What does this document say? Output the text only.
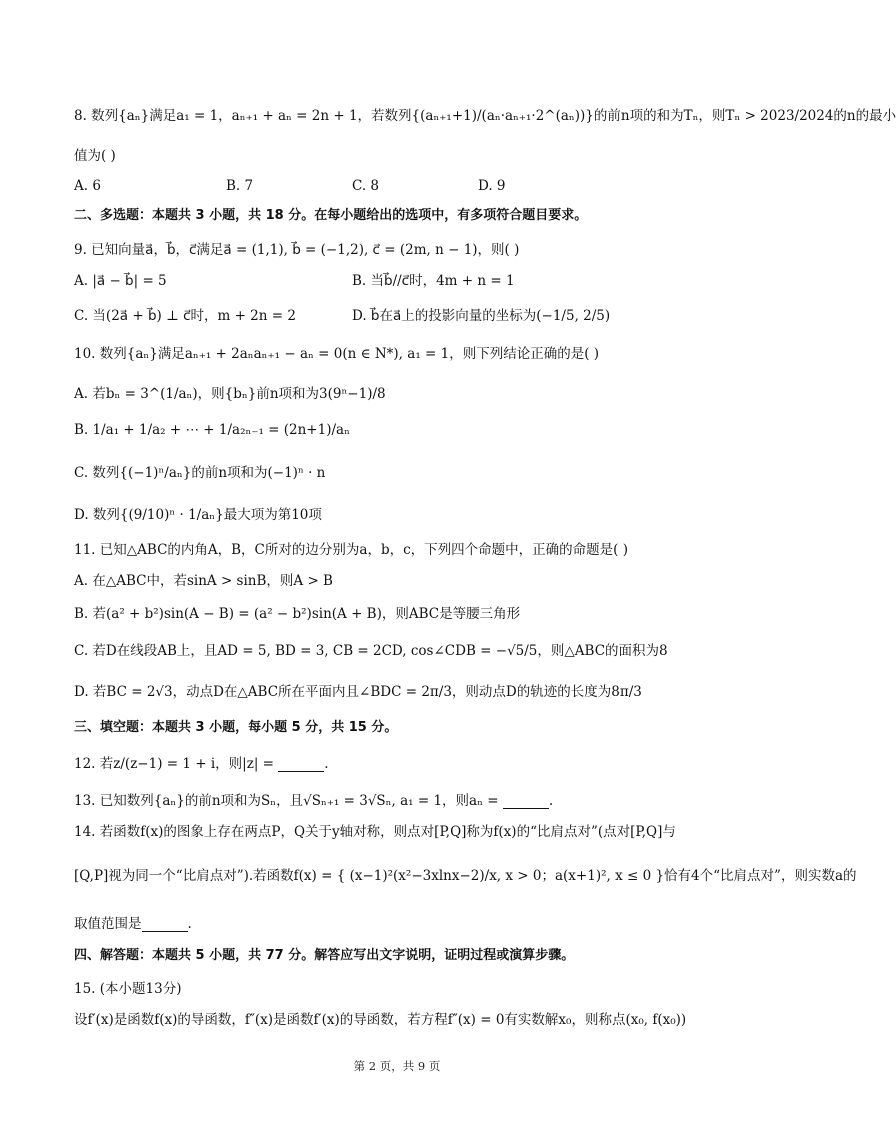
8. 数列{aₙ}满足a₁ = 1，aₙ₊₁ + aₙ = 2n + 1，若数列{(aₙ₊₁+1)/(aₙ·aₙ₊₁·2^(aₙ))}的前n项的和为Tₙ，则Tₙ > 2023/2024的n的最小
值为( )
A. 6	B. 7	C. 8	D. 9
二、多选题：本题共 3 小题，共 18 分。在每小题给出的选项中，有多项符合题目要求。
9. 已知向量a⃗，b⃗，c⃗满足a⃗ = (1,1), b⃗ = (−1,2), c⃗ = (2m, n − 1)，则( )
A. |a⃗ − b⃗| = 5	B. 当b⃗//c⃗时，4m + n = 1
C. 当(2a⃗ + b⃗) ⊥ c⃗时，m + 2n = 2	D. b⃗在a⃗上的投影向量的坐标为(−1/5, 2/5)
10. 数列{aₙ}满足aₙ₊₁ + 2aₙaₙ₊₁ − aₙ = 0(n ∈ N*), a₁ = 1，则下列结论正确的是( )
A. 若bₙ = 3^(1/aₙ)，则{bₙ}前n项和为3(9ⁿ−1)/8
B. 1/a₁ + 1/a₂ + ⋯ + 1/a₂ₙ₋₁ = (2n+1)/aₙ
C. 数列{(−1)ⁿ/aₙ}的前n项和为(−1)ⁿ · n
D. 数列{(9/10)ⁿ · 1/aₙ}最大项为第10项
11. 已知△ABC的内角A，B，C所对的边分别为a，b，c，下列四个命题中，正确的命题是( )
A. 在△ABC中，若sinA > sinB，则A > B
B. 若(a² + b²)sin(A − B) = (a² − b²)sin(A + B)，则ABC是等腰三角形
C. 若D在线段AB上，且AD = 5, BD = 3, CB = 2CD, cos∠CDB = −√5/5，则△ABC的面积为8
D. 若BC = 2√3，动点D在△ABC所在平面内且∠BDC = 2π/3，则动点D的轨迹的长度为8π/3
三、填空题：本题共 3 小题，每小题 5 分，共 15 分。
12. 若z/(z−1) = 1 + i，则|z| =	.
13. 已知数列{aₙ}的前n项和为Sₙ，且√Sₙ₊₁ = 3√Sₙ, a₁ = 1，则aₙ =	.
14. 若函数f(x)的图象上存在两点P，Q关于y轴对称，则点对[P,Q]称为f(x)的“比肩点对”(点对[P,Q]与
[Q,P]视为同一个“比肩点对”).若函数f(x) = { (x−1)²(x²−3xlnx−2)/x, x > 0；a(x+1)², x ≤ 0 }恰有4个“比肩点对”，则实数a的
取值范围是	.
四、解答题：本题共 5 小题，共 77 分。解答应写出文字说明，证明过程或演算步骤。
15. (本小题13分)
设f′(x)是函数f(x)的导函数，f″(x)是函数f′(x)的导函数，若方程f″(x) = 0有实数解x₀，则称点(x₀, f(x₀))
第 2 页，共 9 页
